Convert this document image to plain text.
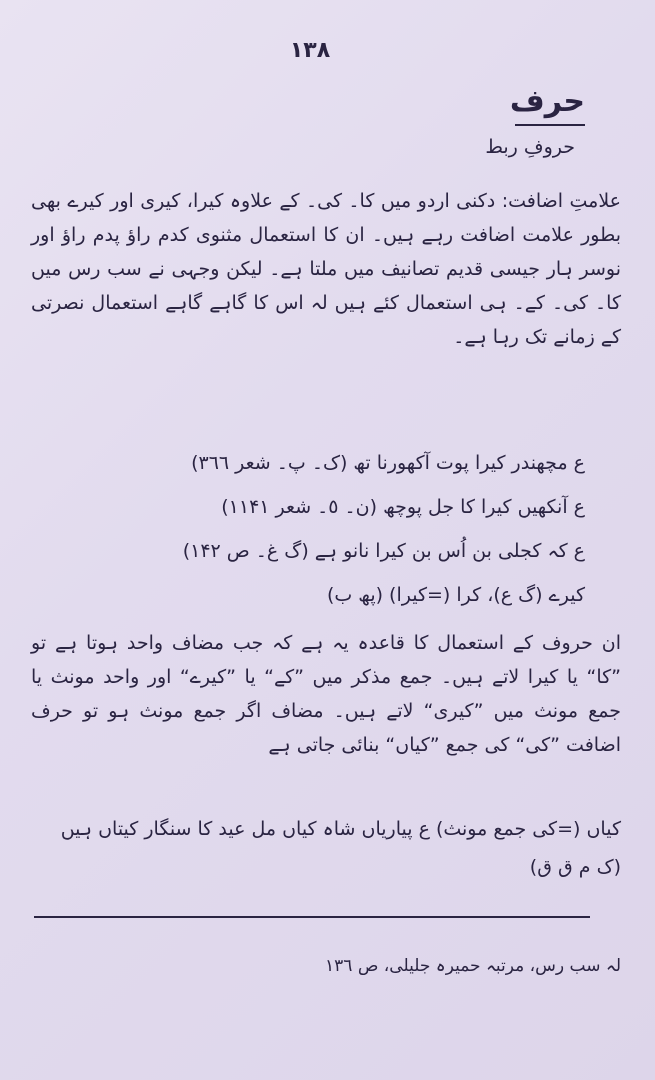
١٣٨
حرف
حروفِ ربط
علامتِ اضافت: دکنی اردو میں کا۔ کی۔ کے علاوہ کیرا، کیری اور کیرے بھی بطور علامت اضافت رہے ہیں۔ ان کا استعمال مثنوی کدم راؤ پدم راؤ اور نوسر ہار جیسی قدیم تصانیف میں ملتا ہے۔ لیکن وجہی نے سب رس میں کا۔ کی۔ کے۔ ہی استعمال کئے ہیں لہ اس کا گاہے گاہے استعمال نصرتی کے زمانے تک رہا ہے۔
ع مچھندر کیرا پوت آکھورنا تھ (ک۔ پ۔ شعر ٣٦٦)
ع آنکھیں کیرا کا جل پوچھ (ن۔ ٥۔ شعر ١١۴١)
ع کہ کجلی بن اُس بن کیرا نانو ہے (گ غ۔ ص ١۴٢)
کیرے (گ ع)، کرا (=کیرا) (پھ ب)
ان حروف کے استعمال کا قاعدہ یہ ہے کہ جب مضاف واحد ہوتا ہے تو ”کا“ یا کیرا لاتے ہیں۔ جمع مذکر میں ”کے“ یا ”کیرے“ اور واحد مونث یا جمع مونث میں ”کیری“ لاتے ہیں۔ مضاف اگر جمع مونث ہو تو حرف اضافت ”کی“ کی جمع ”کیاں“ بنائی جاتی ہے
کیاں (=کی جمع مونث) ع پیاریاں شاہ کیاں مل عید کا سنگار کیتاں ہیں
(ک م ق ق)
لہ سب رس، مرتبہ حمیرہ جلیلی، ص ١٣٦
